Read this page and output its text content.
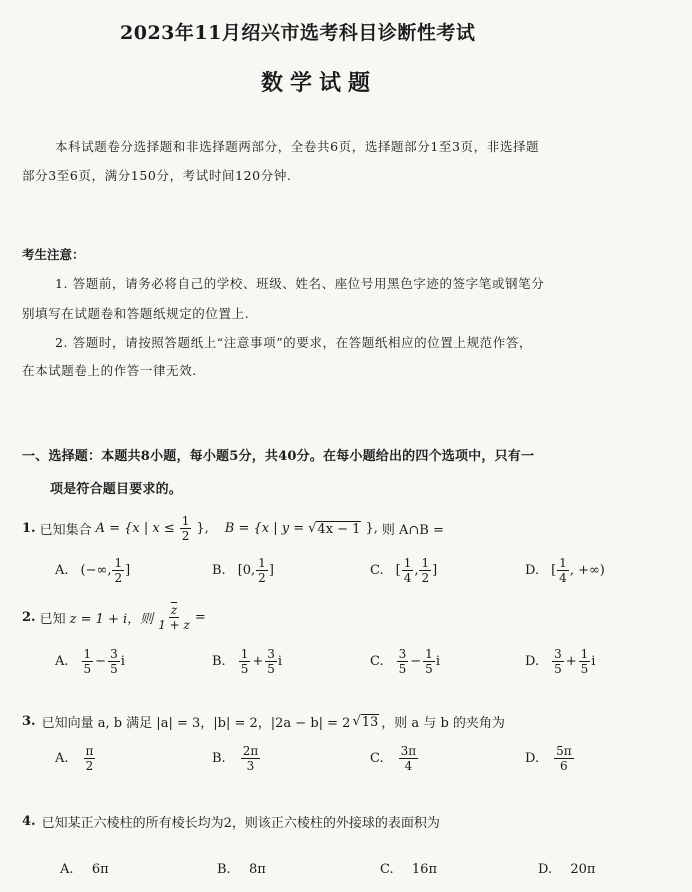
2023年11月绍兴市选考科目诊断性考试
数学试题
本科试题卷分选择题和非选择题两部分，全卷共6页，选择题部分1至3页，非选择题
部分3至6页，满分150分，考试时间120分钟.
考生注意：
1. 答题前，请务必将自己的学校、班级、姓名、座位号用黑色字迹的签字笔或钢笔分
别填写在试题卷和答题纸规定的位置上.
2. 答题时，请按照答题纸上“注意事项”的要求，在答题纸相应的位置上规范作答，
在本试题卷上的作答一律无效.
一、选择题：本题共8小题，每小题5分，共40分。在每小题给出的四个选项中，只有一
项是符合题目要求的。
1. 已知集合 A = {x | $x \le \frac{1}{2}$ }, B = {x | y = √ 4x − 1 }, 则 A∩B =
A. (−∞, $\frac{1}{2}$ ]	B. [0, $\frac{1}{2}$ ]	C. [ $\frac{1}{4}$ , $\frac{1}{2}$ ]	D. [ $\frac{1}{4}$ , +∞)
2. 已知 z = 1 + i，则 $\frac{\overline{z}}{1 + z}$ =
A. $\frac{1}{5} - \frac{3}{5}$ i	B. $\frac{1}{5} + \frac{3}{5}$ i	C. $\frac{3}{5} - \frac{1}{5}$ i	D. $\frac{3}{5} + \frac{1}{5}$ i
3. 已知向量 a, b 满足 |a| = 3，|b| = 2，|2a − b| = 2 √ 13 ，则 a 与 b 的夹角为
A. $\frac{\pi}{2}$	B. $\frac{2\pi}{3}$	C. $\frac{3\pi}{4}$	D. $\frac{5\pi}{6}$
4. 已知某正六棱柱的所有棱长均为2，则该正六棱柱的外接球的表面积为
A. 6π	B. 8π	C. 16π	D. 20π
